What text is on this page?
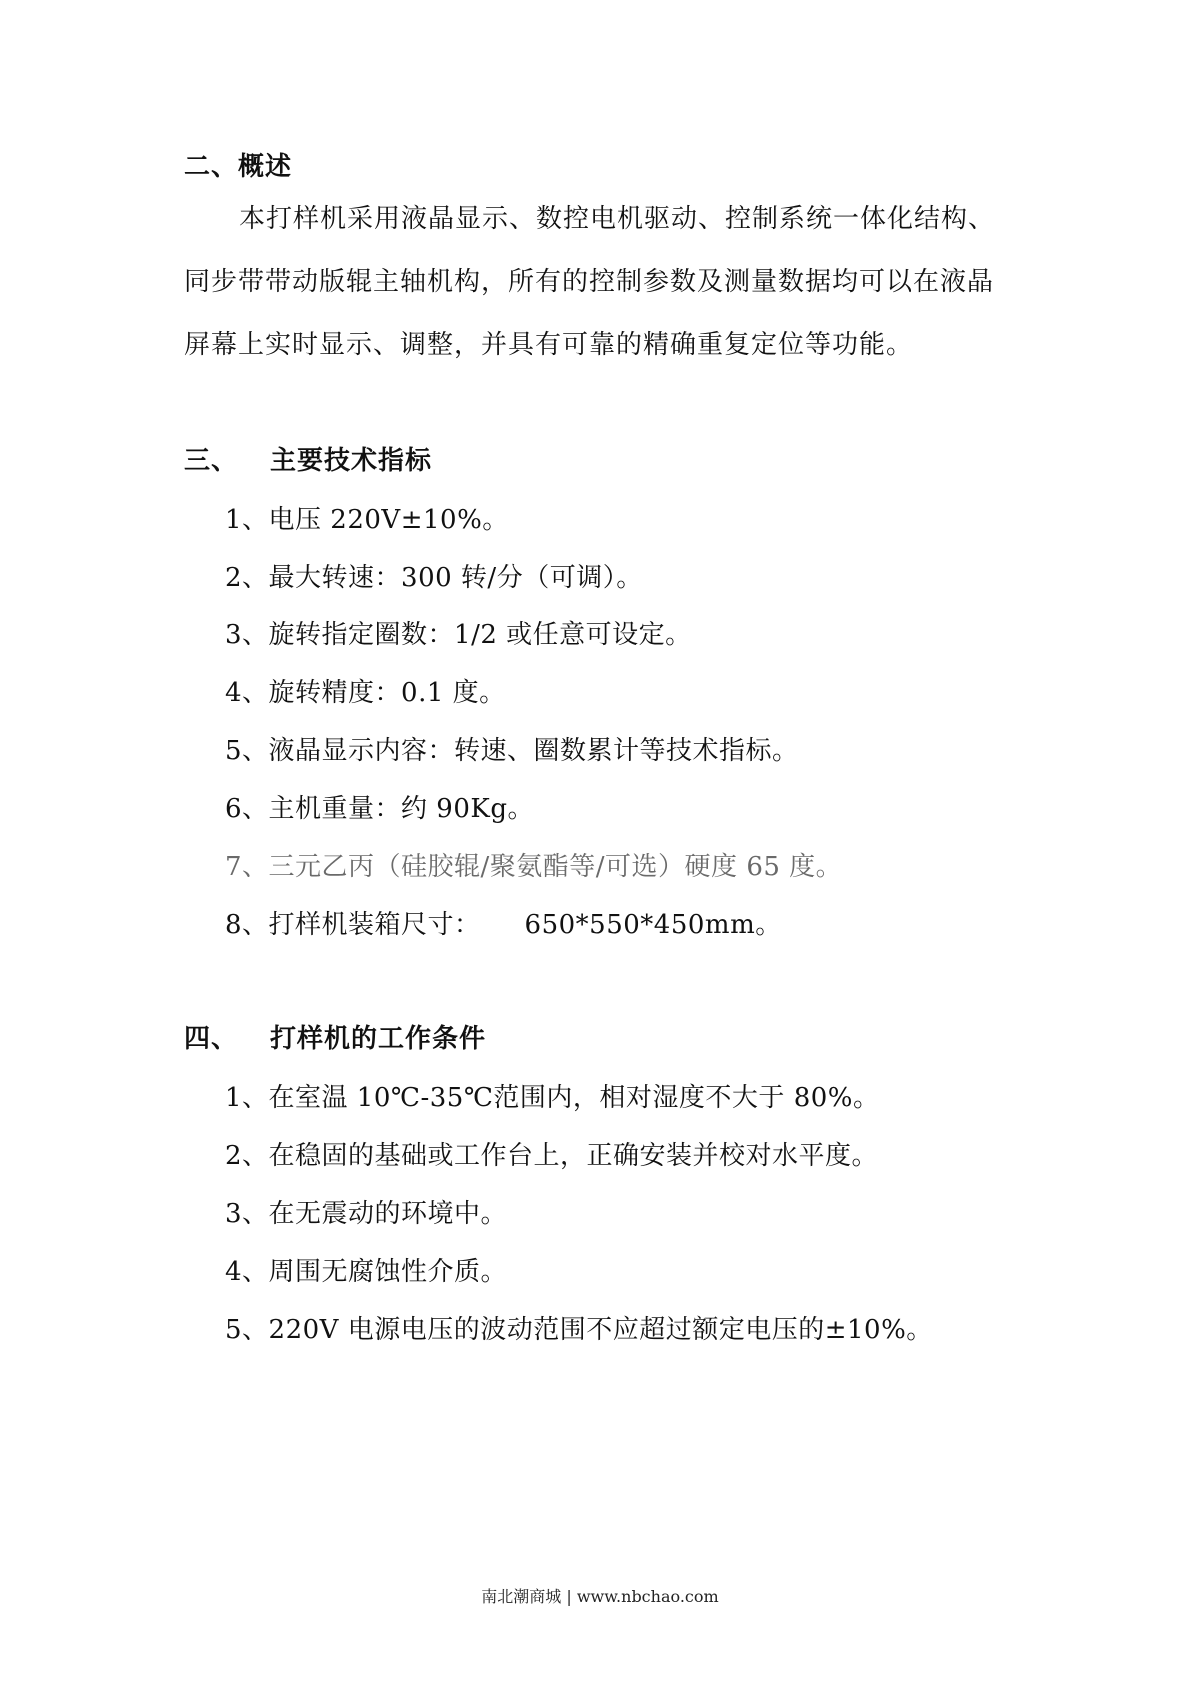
二、概述
本打样机采用液晶显示、数控电机驱动、控制系统一体化结构、
同步带带动版辊主轴机构，所有的控制参数及测量数据均可以在液晶
屏幕上实时显示、调整，并具有可靠的精确重复定位等功能。
三、 主要技术指标
1、电压 220V±10%。
2、最大转速：300 转/分（可调）。
3、旋转指定圈数：1/2 或任意可设定。
4、旋转精度：0.1 度。
5、液晶显示内容：转速、圈数累计等技术指标。
6、主机重量：约 90Kg。
7、三元乙丙（硅胶辊/聚氨酯等/可选）硬度 65 度。
8、打样机装箱尺寸： 650*550*450mm。
四、 打样机的工作条件
1、在室温 10℃-35℃范围内，相对湿度不大于 80%。
2、在稳固的基础或工作台上，正确安装并校对水平度。
3、在无震动的环境中。
4、周围无腐蚀性介质。
5、220V 电源电压的波动范围不应超过额定电压的±10%。
南北潮商城 | www.nbchao.com
